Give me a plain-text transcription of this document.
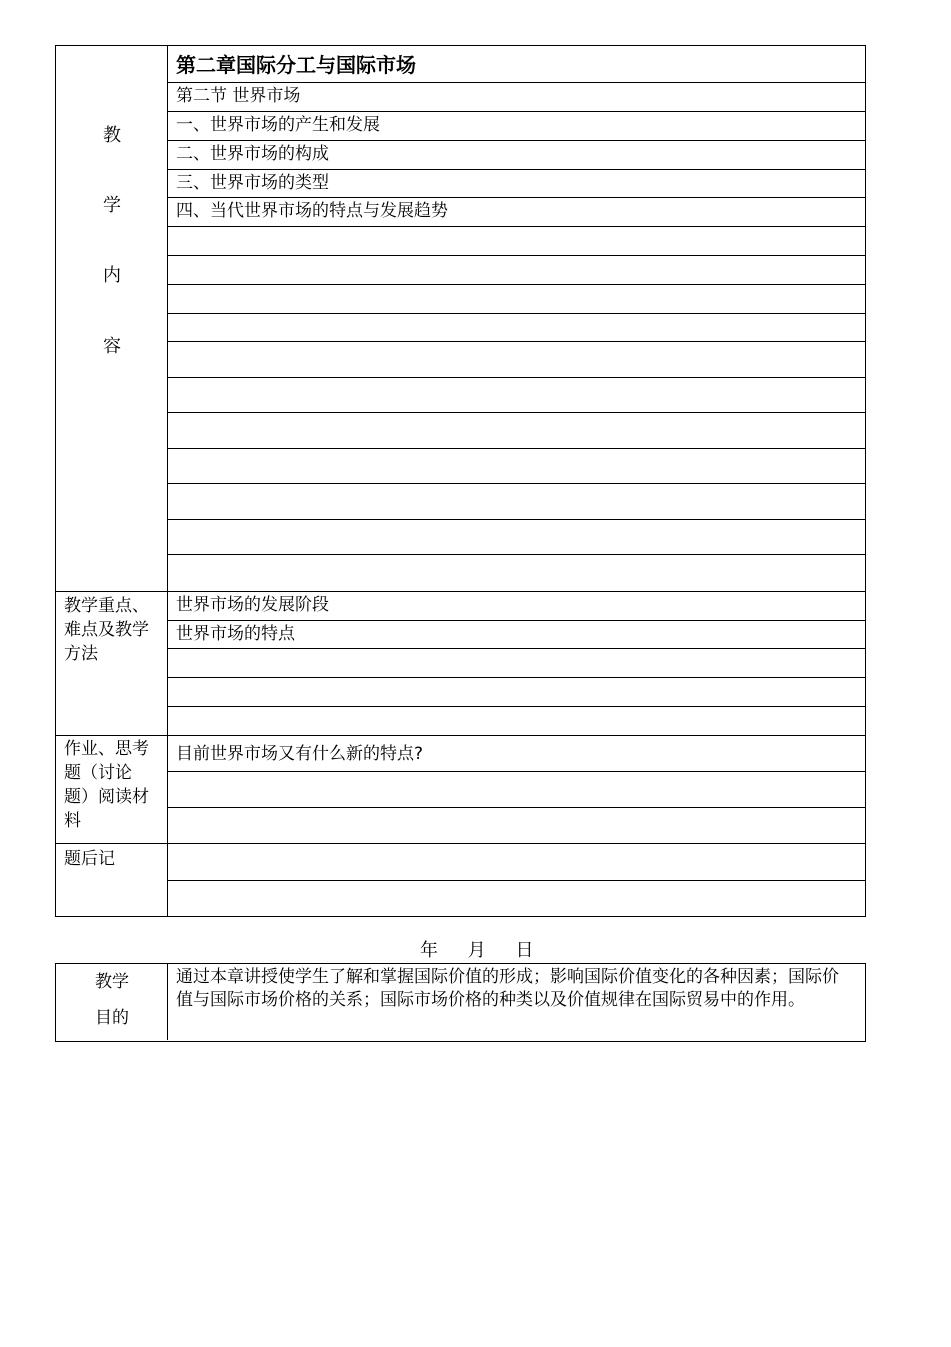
教
学
内
容
教学重点、难点及教学方法
作业、思考题（讨论题）阅读材料
题后记
第二章国际分工与国际市场
第二节 世界市场
一、世界市场的产生和发展
二、世界市场的构成
三、世界市场的类型
四、当代世界市场的特点与发展趋势
世界市场的发展阶段
世界市场的特点
目前世界市场又有什么新的特点?
年 月 日
教学
目的
通过本章讲授使学生了解和掌握国际价值的形成；影响国际价值变化的各种因素；国际价值与国际市场价格的关系；国际市场价格的种类以及价值规律在国际贸易中的作用。
